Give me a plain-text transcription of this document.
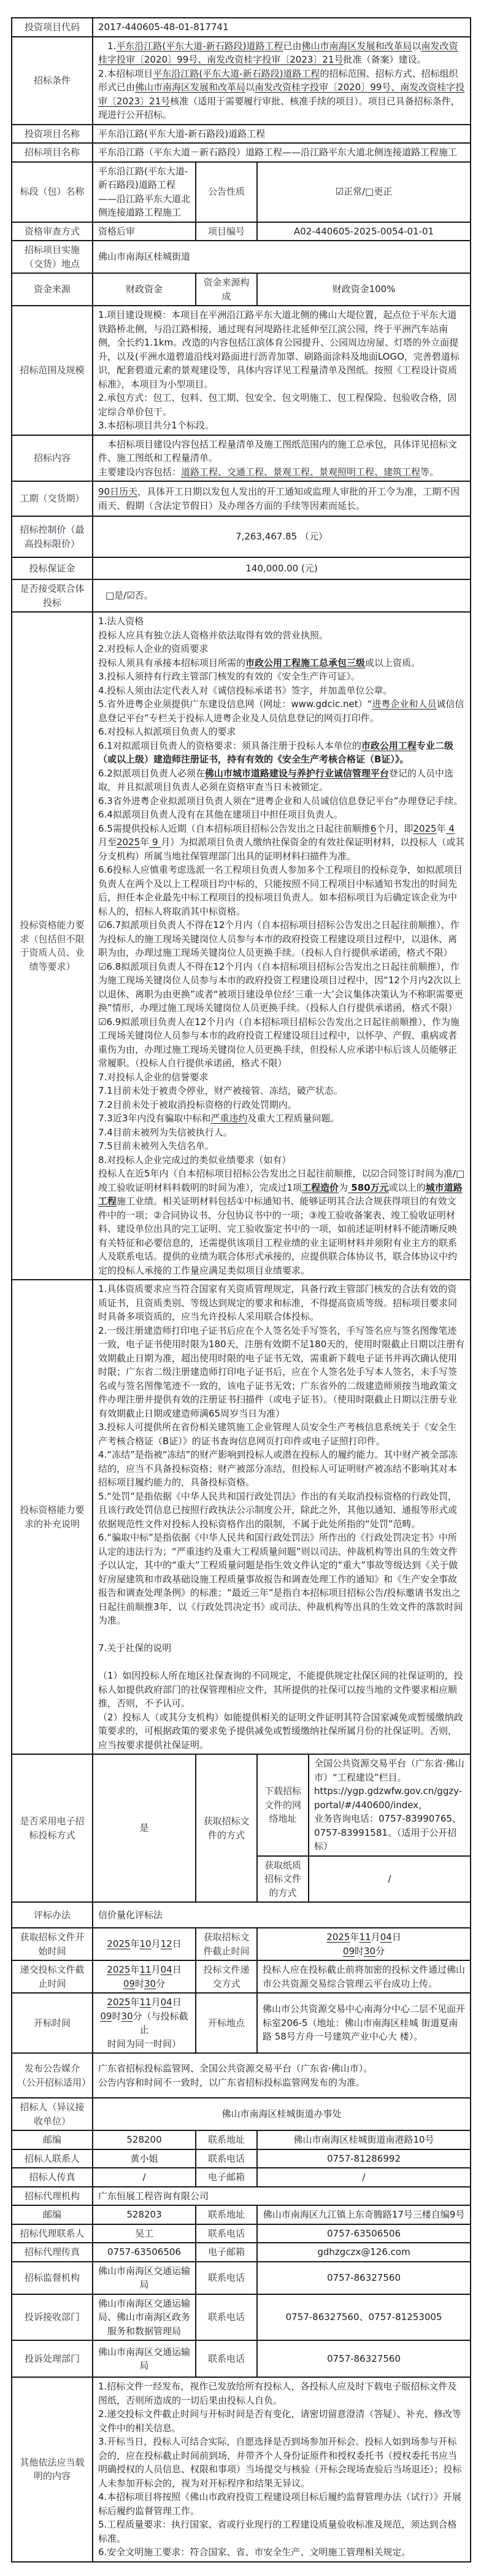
投资项目代码	2017-440605-48-01-817741			
招标条件	　1.平东沿江路(平东大道-新石路段)道路工程已由佛山市南海区发展和改革局以南发改资桂字投审〔2020〕99号、南发改资桂字投审〔2023〕21号批准（备案）建设。
2.本招标项目平东沿江路(平东大道-新石路段)道路工程的招标范围、招标方式、招标组织形式已由佛山市南海区发展和改革局以南发改资桂字投审〔2020〕99号、南发改资桂字投审〔2023〕21号核准（适用于需要履行审批、核准手续的项目）。项目已具备招标条件，现进行公开招标。			
投资项目名称	平东沿江路(平东大道-新石路段)道路工程			
招标项目名称	平东沿江路（平东大道－新石路段）道路工程——沿江路平东大道北侧连接道路工程施工			
标段（包）名称	平东沿江路(平东大道-新石路段)道路工程——沿江路平东大道北侧连接道路工程施工	公告性质	☑正常/□更正	
资格审查方式	资格后审	项目编号	A02-440605-2025-0054-01-01	
招标项目实施（交货）地点	佛山市南海区桂城街道			
资金来源	财政资金	资金来源构成	财政资金100%	
招标范围及规模	1.项目建设规模：本项目在平洲沿江路平东大道北侧的佛山大堤位置，起点位于平东大道铁路桥北侧，与沿江路相接，通过现有河堤路往北延伸至江滨公园，终于平洲汽车站南侧，全长约1.1km。改造的内容包括江滨体育公园提升、公园周边房屋、灯塔的外立面提升，以及(平洲水道碧道沿线对路面进行沥青加罩、刷路面涂料及地面LOGO，完善碧道标识，配套碧道元素的景观建设等，具体内容详见工程量清单及图纸。按照《工程设计资质标准》，本项目为小型项目。
2.承包方式：包工、包料、包工期、包安全、包文明施工、包工程保险、包验收合格，固定综合单价包干。
3.本招标项目共分1个标段。			
招标内容	　本招标项目建设内容包括工程量清单及施工图纸范围内的施工总承包，具体详见招标文件、施工图纸和工程量清单。
主要建设内容包括：道路工程、交通工程、景观工程、景观照明工程、建筑工程等。			
工期（交货期）	90日历天，具体开工日期以发包人发出的开工通知或监理人审批的开工令为准，工期不因雨天、假期（含法定节假日）及办理各方面的手续等因素而延长。			
招标控制价（最高投标限价）	7,263,467.85 （元）			
投标保证金	140,000.00 (元)			
是否接受联合体投标	□是/☑否。			
投标资格能力要求（包括但不限于资质人员、业绩等要求）	1.法人资格
投标人应具有独立法人资格并依法取得有效的营业执照。
2.对投标人企业的资质要求
投标人须具有承接本招标项目所需的市政公用工程施工总承包三级或以上资质。
3.投标人须持有行政主管部门核发的有效的《安全生产许可证》。
4.投标人须由法定代表人对《诚信投标承诺书》签字，并加盖单位公章。
5.省外进粤企业须提供广东建设信息网（网址：www.gdcic.net）“进粤企业和人员诚信信息登记平台”专栏关于投标人进粤企业及人员信息登记的网页打印件。
6.对投标人拟派项目负责人的要求
6.1对拟派项目负责人的资格要求：须具备注册于投标人本单位的市政公用工程专业二级（或以上级）建造师注册证书，持有有效的《安全生产考核合格证（B证）》。
6.2拟派项目负责人必须在佛山市城市道路建设与养护行业诚信管理平台登记的人员中选取，并且拟派项目负责人必须在资格审查当日未被锁定。
6.3省外进粤企业拟派项目负责人须在“进粤企业和人员诚信信息登记平台”办理登记手续。
6.4拟派项目负责人没有在其他在建项目中担任项目负责人。
6.5需提供投标人近期（自本招标项目招标公告发出之日起往前顺推6个月，即2025年 4 月至2025年 9 月）为拟派项目负责人缴纳社保资金的有效社保证明材料，以投标人（或其分支机构）所属当地社保管理部门出具的证明材料扫描件为准。
6.6投标人应慎重考虑选派一名工程项目负责人参加多个工程项目的投标竞争，如拟派项目负责人在两个及以上工程项目均中标的，只能按照不同工程项目中标通知书发出的时间先后，担任本企业最先中标工程项目的投标项目负责人。如本招标项目为后确定该企业为中标人的，招标人将取消其中标资格。
☑6.7拟派项目负责人不得在12个月内（自本招标项目招标公告发出之日起往前顺推），作为投标人的施工现场关键岗位人员参与本市的政府投资工程建设项目过程中，以退休、离职为由，办理过施工现场关键岗位人员更换手续。（投标人自行提供承诺函，格式不限）
☑6.8拟派项目负责人不得在12个月内（自本招标项目招标公告发出之日起往前顺推），作为施工现场关键岗位人员参与本市的政府投资工程建设项目过程中，因“12个月内2次以上以退休、离职为由更换”或者“被项目建设单位经‘三重一大’会议集体决策认为不称职需要更换”情形，办理过施工现场关键岗位人员更换手续。（投标人自行提供承诺函，格式不限）
☑6.9拟派项目负责人在12个月内（自本招标项目招标公告发出之日起往前顺推），作为施工现场关键岗位人员参与本市的政府投资工程建设项目过程中，以怀孕、产假、重病或者重伤为由，办理过施工现场关键岗位人员更换手续，但投标人应承诺中标后该人员能够正常履职。（投标人自行提供承诺函，格式不限）
7.对投标人企业的信誉要求
7.1目前未处于被责令停业，财产被接管、冻结，破产状态。
7.2目前未处于被取消投标资格的行政处罚期内。
7.3近3年内没有骗取中标和严重违约及重大工程质量问题。
7.4目前未被列为失信被执行人。
7.5目前未被列入失信名单。
8.对投标人企业完成过的类似业绩要求（如有）
投标人在近5年内（自本招标项目招标公告发出之日起往前顺推，以☑合同签订时间为准/□竣工验收证明材料料载明的时间为准），完成过1项工程造价为 580万元或以上的城市道路工程施工业绩。相关证明材料包括①中标通知书、能够证明其合法合规获得项目的有效文件中的一项；②合同协议书、分包协议书中的一项；③竣工验收备案表、竣工验收证明材料、建设单位出具的完工证明、完工验收鉴定书中的一项，如前述证明材料不能清晰反映有关特征和必要信息的，还需提供该项目工程业绩的业主证明材料并须附有业主方的联系人及联系电话。提供的业绩为联合体形式承接的，应提供联合体协议书，联合体协议中约定的投标人承接的工作量应满足类似项目业绩要求。
投标资格能力要求的补充说明	1.具体资质要求应当符合国家有关资质管理规定，具备行政主管部门核发的合法有效的资质证书，且资质类别、等级达到规定的要求和标准，不得提高资质等级。招标项目要求同时具备多项资质的，应当允许投标人采用联合体投标。
2.一级注册建造师打印电子证书后应在个人签名处手写签名，手写签名应与签名图像笔迹一致，电子证书使用时限为180天，注册有效期不足180天的，使用时限截止日期以注册有效期截止日期为准，超出使用时限的电子证书无效，需重新下载电子证书并再次确认使用时限；广东省二级注册建造师打印电子证书后，应在个人签名处手写本人签名，未手写签名或与签名图像笔迹不一致的，该电子证书无效；广东省外的二级建造师须按当地政策文件办理注册并提供有效的注册证书扫描件（或电子证书）。（使用时限截止日期以注册专业有效期截止日期或建造师满65周岁当日为准）
3.投标人可提供所在省份相关建筑施工企业管理人员安全生产考核信息系统关于《安全生产考核合格证（B证）》的证书查询信息网页打印件或电子证照打印件。
4.“冻结”是指被“冻结”的财产影响到投标人或潜在投标人的履约能力。其中财产被全部冻结的，应当不具备投标资格；财产被部分冻结，但投标人可证明财产被冻结不影响其对本招标项目履约能力的，具备投标资格。
5.“处罚”是指依据《中华人民共和国行政处罚法》作出的有关取消投标资格的行政处罚，且该行政处罚信息已按照行政执法公示制度公开，除此之外，其他以通知、通报等形式或依据规范性文件对投标人投标资格作出的限制，不属于此处所指的“处罚”范畴。
6.“骗取中标”是指依据《中华人民共和国行政处罚法》所作出的《行政处罚决定书》中所认定的违法行为；“严重违约及重大工程质量问题”则以司法、仲裁机构等出具的生效文件予以认定，其中的“重大”工程质量问题是指生效文件认定的“重大”事故等级达到《关于做好房屋建筑和市政基础设施工程质量事故报告和调查处理工作的通知》和《生产安全事故报告和调查处理条例》的标准；“最近三年”是指自本招标项目招标公告/投标邀请书发出之日起往前顺推3年，以《行政处罚决定书》或司法、仲裁机构等出具的生效文件的落款时间为准。

7.关于社保的说明

（1）如因投标人所在地区社保查询的不同规定，不能提供规定社保区间的社保证明的，投标人如提供政府部门的社保管理相应文件，其所提供的社保可以按当地的文件要求相应顺推，否则，不予认可。
（2）投标人（或其分支机构）如能提供相关的证明文件证明其符合国家减免或暂缓缴纳政策要求的，可根据政策的要求免予提供减免或暂缓缴纳社保所属月份的社保证明。否则，应当按要求提供社保证明。
是否采用电子招标投标方式	是	获取招标文件的方式	下载招标文件的网络地址	全国公共资源交易平台（广东省·佛山市）“工程建设”栏目。
https://ygp.gdzwfw.gov.cn/ggzy-portal/#/440600/index，
业务咨询电话：0757-83990765、0757-83991581。（适用于公开招标）
			获取纸质招标文件的方式	/
评标办法	信价量化评标法			
获取招标文件开始时间	2025年10月12日	获取招标文件截止时间	2025年11月04日
09时30分	
递交投标文件截止时间	2025年11月04日
09时30分	投标文件递交方式	投标人应在投标截止前将加密的投标文件通过佛山市公共资源交易综合管理云平台成功上传。	
开标时间	2025年11月04日
09时30分（与投标截止
时间为同一时间）	开标地点	佛山市公共资源交易中心南海分中心二层不见面开标室206-5（地址：佛山市南海区桂城 街道夏南路 58号方舟一号建筑产业中心大 楼）。	
发布公告媒介（公开招标适用）	广东省招标投标监管网、全国公共资源交易平台（广东省·佛山市）。
公告内容和时间不一致时，以广东省招标投标监管网发布的为准。			
招标人（异议接收单位）	佛山市南海区桂城街道办事处			
邮编	528200	联系地址	佛山市南海区桂城街道南港路10号	
招标人联系人	黄小姐	联系电话	0757-81286992	
招标人传真	/	电子邮箱	/	
招标代理机构	广东恒展工程咨询有限公司			
邮编	528203	联系地址	佛山市南海区九江镇上东奇腾路17号三楼自编9号	
招标代理联系人	吴工	联系电话	0757-63506506	
招标代理传真	0757-63506506	电子邮箱	gdhzgczx@126.com	
招标监督机构	佛山市南海区交通运输局	联系电话	0757-86327560	
投诉接收部门	佛山市南海区交通运输局、佛山市南海区政务服务和数据管理局	联系电话	0757-86327560、0757-81253005	
投诉处理部门	佛山市南海区交通运输局	联系电话	0757-86327560	
其他依法应当载明的内容	1.招标文件一经发布，视作已发放给所有投标人，各投标人应及时下载电子版招标文件及图纸，否则所造成的一切后果由投标人自负。
2.递交投标文件截止时间与开标时间是否有变化，请密切留意澄清（答疑）、补充、修改等文件中的相关信息。
3.开标当日，投标人可结合实际，自愿选择是否到场参加开标会。投标人如到场参与开标会的，应在投标截止时间前到场，并带齐个人身份证原件和授权委托书（授权委托书应当明确授权的人员信息、权限和事项）当场提交与核验（开标会现场查验后当场退还）；投标人未参加开标会的，视为对开标程序和结果无异议。
4.本招标项目将按照《佛山市政府投资工程建设项目标后履约监督管理办法（试行）》开展标后履约监督管理工作。
5.工程质量要求：执行国家、省或行业现行的工程建设质量验收标准及规范，须达到合格标准。
6.安全文明施工要求：符合国家、省、市安全生产、文明施工管理相关规定。
